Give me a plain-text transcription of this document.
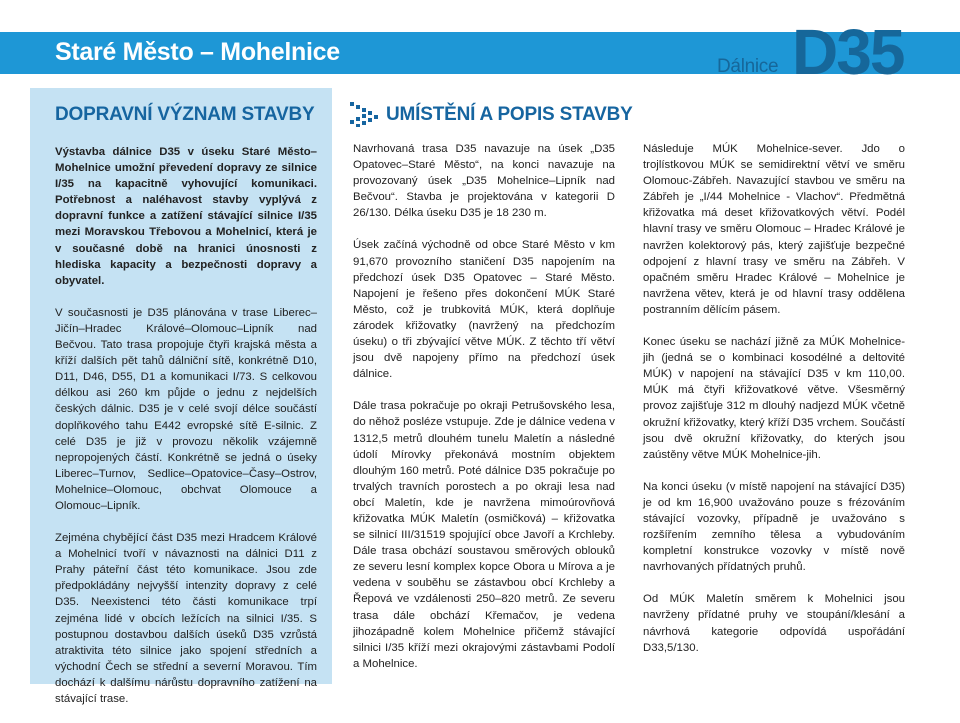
Staré Město – Mohelnice
Dálnice D35
DOPRAVNÍ VÝZNAM STAVBY	UMÍSTĚNÍ A POPIS STAVBY

Výstavba dálnice D35 v úseku Staré Město–Mohelnice umožní převedení dopravy ze silnice I/35 na kapacitně vyhovující komunikaci. Potřebnost a naléhavost stavby vyplývá z dopravní funkce a zatížení stávající silnice I/35 mezi Moravskou Třebovou a Mohelnicí, která je v současné době na hranici únosnosti z hlediska kapacity a bezpečnosti dopravy a obyvatel.

V současnosti je D35 plánována v trase Liberec–Jičín–Hradec Králové–Olomouc–Lipník nad Bečvou. Tato trasa propojuje čtyři krajská města a kříží dalších pět tahů dálniční sítě, konkrétně D10, D11, D46, D55, D1 a komunikaci I/73. S celkovou délkou asi 260 km půjde o jednu z nejdelších českých dálnic. D35 je v celé svojí délce součástí doplňkového tahu E442 evropské sítě E-silnic. Z celé D35 je již v provozu několik vzájemně nepropojených částí. Konkrétně se jedná o úseky Liberec–Turnov, Sedlice–Opatovice–Časy–Ostrov, Mohelnice–Olomouc, obchvat Olomouce a Olomouc–Lipník.

Zejména chybějící část D35 mezi Hradcem Králové a Mohelnicí tvoří v návaznosti na dálnici D11 z Prahy páteřní část této komunikace. Jsou zde předpokládány nejvyšší intenzity dopravy z celé D35. Neexistenci této části komunikace trpí zejména lidé v obcích ležících na silnici I/35. S postupnou dostavbou dalších úseků D35 vzrůstá atraktivita této silnice jako spojení středních a východní Čech se střední a severní Moravou. Tím dochází k dalšímu nárůstu dopravního zatížení na stávající trase.

Navrhovaná trasa D35 navazuje na úsek „D35 Opatovec–Staré Město“, na konci navazuje na provozovaný úsek „D35 Mohelnice–Lipník nad Bečvou“. Stavba je projektována v kategorii D 26/130. Délka úseku D35 je 18 230 m.

Úsek začíná východně od obce Staré Město v km 91,670 provozního staničení D35 napojením na předchozí úsek D35 Opatovec – Staré Město. Napojení je řešeno přes dokončení MÚK Staré Město, což je trubkovitá MÚK, která doplňuje zárodek křižovatky (navržený na předchozím úseku) o tři zbývající větve MÚK. Z těchto tří větví jsou dvě napojeny přímo na předchozí úsek dálnice.

Dále trasa pokračuje po okraji Petrušovského lesa, do něhož posléze vstupuje. Zde je dálnice vedena v 1312,5 metrů dlouhém tunelu Maletín a následné údolí Mírovky překonává mostním objektem dlouhým 160 metrů. Poté dálnice D35 pokračuje po trvalých travních porostech a po okraji lesa nad obcí Maletín, kde je navržena mimoúrovňová křižovatka MÚK Maletín (osmičková) – křižovatka se silnicí III/31519 spojující obce Javoří a Krchleby. Dále trasa obchází soustavou směrových oblouků ze severu lesní komplex kopce Obora u Mírova a je vedena v souběhu se zástavbou obcí Krchleby a Řepová ve vzdálenosti 250–820 metrů. Ze severu trasa dále obchází Křemačov, je vedena jihozápadně kolem Mohelnice přičemž stávající silnici I/35 kříží mezi okrajovými zástavbami Podolí a Mohelnice.

Následuje MÚK Mohelnice-sever. Jdo o trojlístkovou MÚK se semidirektní větví ve směru Olomouc-Zábřeh. Navazující stavbou ve směru na Zábřeh je „I/44 Mohelnice - Vlachov“. Předmětná křižovatka má deset křižovatkových větví. Podél hlavní trasy ve směru Olomouc – Hradec Králové je navržen kolektorový pás, který zajišťuje bezpečné odpojení z hlavní trasy ve směru na Zábřeh. V opačném směru Hradec Králové – Mohelnice je navržena větev, která je od hlavní trasy oddělena postranním dělícím pásem.

Konec úseku se nachází jižně za MÚK Mohelnice-jih (jedná se o kombinaci kosodélné a deltovité MÚK) v napojení na stávající D35 v km 110,00. MÚK má čtyři křižovatkové větve. Všesměrný provoz zajišťuje 312 m dlouhý nadjezd MÚK včetně okružní křižovatky, který kříží D35 vrchem. Součástí jsou dvě okružní křižovatky, do kterých jsou zaústěny větve MÚK Mohelnice-jih.

Na konci úseku (v místě napojení na stávající D35) je od km 16,900 uvažováno pouze s frézováním stávající vozovky, případně je uvažováno s rozšířením zemního tělesa a vybudováním kompletní konstrukce vozovky v místě nově navrhovaných přídatných pruhů.

Od MÚK Maletín směrem k Mohelnici jsou navrženy přídatné pruhy ve stoupání/klesání a návrhová kategorie odpovídá uspořádání D33,5/130.
